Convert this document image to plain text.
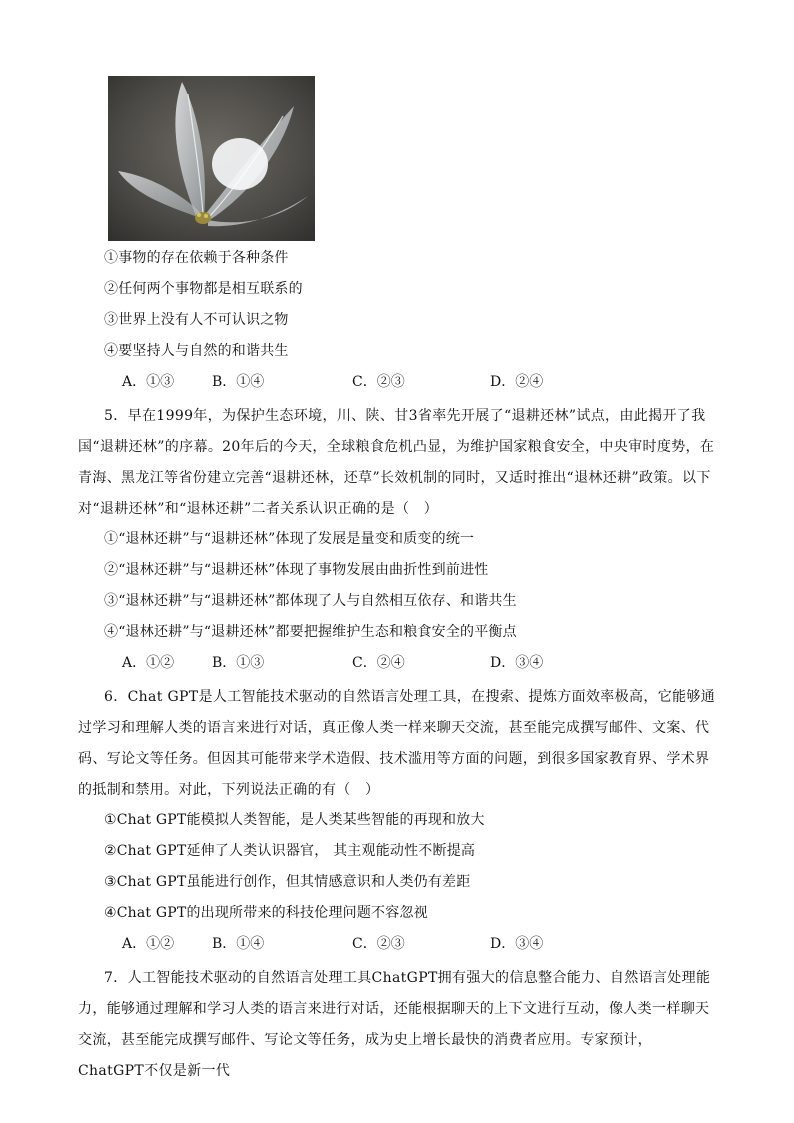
①事物的存在依赖于各种条件
②任何两个事物都是相互联系的
③世界上没有人不可认识之物
④要坚持人与自然的和谐共生
A．①③	B．①④	C．②③	D．②④

5．早在1999年，为保护生态环境，川、陕、甘3省率先开展了“退耕还林”试点，由此揭开了我国“退耕还林”的序幕。20年后的今天，全球粮食危机凸显，为维护国家粮食安全，中央审时度势，在青海、黑龙江等省份建立完善“退耕还林，还草”长效机制的同时，又适时推出“退林还耕”政策。以下对“退耕还林”和“退林还耕”二者关系认识正确的是（　）

①“退林还耕”与“退耕还林”体现了发展是量变和质变的统一
②“退林还耕”与“退耕还林”体现了事物发展由曲折性到前进性
③“退林还耕”与“退耕还林”都体现了人与自然相互依存、和谐共生
④“退林还耕”与“退耕还林”都要把握维护生态和粮食安全的平衡点
A．①②	B．①③	C．②④	D．③④

6．Chat GPT是人工智能技术驱动的自然语言处理工具，在搜索、提炼方面效率极高，它能够通过学习和理解人类的语言来进行对话，真正像人类一样来聊天交流，甚至能完成撰写邮件、文案、代码、写论文等任务。但因其可能带来学术造假、技术滥用等方面的问题，到很多国家教育界、学术界的抵制和禁用。对此，下列说法正确的有（　）

①Chat GPT能模拟人类智能，是人类某些智能的再现和放大
②Chat GPT延伸了人类认识器官， 其主观能动性不断提高
③Chat GPT虽能进行创作，但其情感意识和人类仍有差距
④Chat GPT的出现所带来的科技伦理问题不容忽视
A．①②	B．①④	C．②③	D．③④

7．人工智能技术驱动的自然语言处理工具ChatGPT拥有强大的信息整合能力、自然语言处理能力，能够通过理解和学习人类的语言来进行对话，还能根据聊天的上下文进行互动，像人类一样聊天交流，甚至能完成撰写邮件、写论文等任务，成为史上增长最快的消费者应用。专家预计，ChatGPT不仅是新一代
